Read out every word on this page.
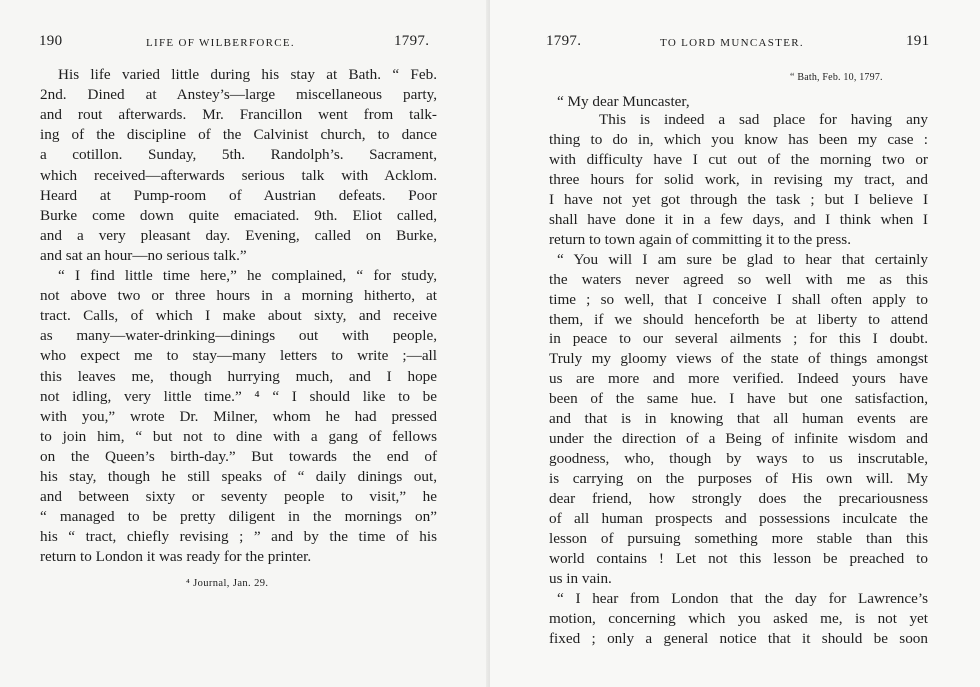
190	LIFE OF WILBERFORCE.	1797.
His life varied little during his stay at Bath. “ Feb.
2nd. Dined at Anstey’s—large miscellaneous party,
and rout afterwards. Mr. Francillon went from talk-
ing of the discipline of the Calvinist church, to dance
a cotillon. Sunday, 5th. Randolph’s. Sacrament,
which received—afterwards serious talk with Acklom.
Heard at Pump-room of Austrian defeats. Poor
Burke come down quite emaciated. 9th. Eliot called,
and a very pleasant day. Evening, called on Burke,
and sat an hour—no serious talk.”
“ I find little time here,” he complained, “ for study,
not above two or three hours in a morning hitherto, at
tract. Calls, of which I make about sixty, and receive
as many—water-drinking—dinings out with people,
who expect me to stay—many letters to write ;—all
this leaves me, though hurrying much, and I hope
not idling, very little time.” ⁴ “ I should like to be
with you,” wrote Dr. Milner, whom he had pressed
to join him, “ but not to dine with a gang of fellows
on the Queen’s birth-day.” But towards the end of
his stay, though he still speaks of “ daily dinings out,
and between sixty or seventy people to visit,” he
“ managed to be pretty diligent in the mornings on”
his “ tract, chiefly revising ; ” and by the time of his
return to London it was ready for the printer.
⁴ Journal, Jan. 29.
1797.	TO LORD MUNCASTER.	191
“ Bath, Feb. 10, 1797.
“ My dear Muncaster,
This is indeed a sad place for having any
thing to do in, which you know has been my case :
with difficulty have I cut out of the morning two or
three hours for solid work, in revising my tract, and
I have not yet got through the task ; but I believe I
shall have done it in a few days, and I think when I
return to town again of committing it to the press.
“ You will I am sure be glad to hear that certainly
the waters never agreed so well with me as this
time ; so well, that I conceive I shall often apply to
them, if we should henceforth be at liberty to attend
in peace to our several ailments ; for this I doubt.
Truly my gloomy views of the state of things amongst
us are more and more verified. Indeed yours have
been of the same hue. I have but one satisfaction,
and that is in knowing that all human events are
under the direction of a Being of infinite wisdom and
goodness, who, though by ways to us inscrutable,
is carrying on the purposes of His own will. My
dear friend, how strongly does the precariousness
of all human prospects and possessions inculcate the
lesson of pursuing something more stable than this
world contains ! Let not this lesson be preached to
us in vain.
“ I hear from London that the day for Lawrence’s
motion, concerning which you asked me, is not yet
fixed ; only a general notice that it should be soon
